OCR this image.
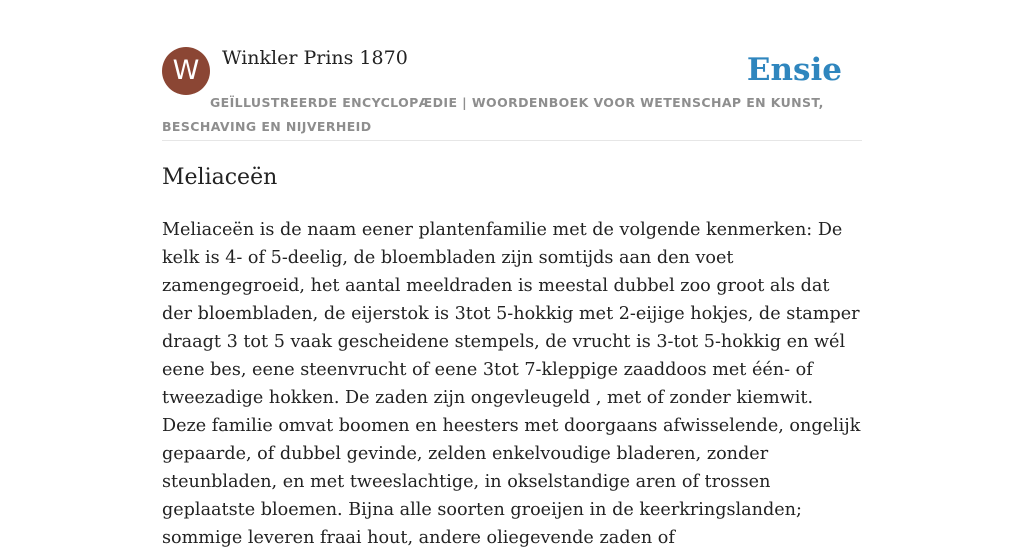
W	Winkler Prins 1870	Ensie
GEÏLLUSTREERDE ENCYCLOPÆDIE | WOORDENBOEK VOOR WETENSCHAP EN KUNST, BESCHAVING EN NIJVERHEID
Meliaceën

Meliaceën is de naam eener plantenfamilie met de volgende kenmerken: De kelk is 4- of 5-deelig, de bloembladen zijn somtijds aan den voet zamengegroeid, het aantal meeldraden is meestal dubbel zoo groot als dat der bloembladen, de eijerstok is 3tot 5-hokkig met 2-eijige hokjes, de stamper draagt 3 tot 5 vaak gescheidene stempels, de vrucht is 3-tot 5-hokkig en wél eene bes, eene steenvrucht of eene 3tot 7-kleppige zaaddoos met één- of tweezadige hokken. De zaden zijn ongevleugeld , met of zonder kiemwit. Deze familie omvat boomen en heesters met doorgaans afwisselende, ongelijk gepaarde, of dubbel gevinde, zelden enkelvoudige bladeren, zonder steunbladen, en met tweeslachtige, in okselstandige aren of trossen geplaatste bloemen. Bijna alle soorten groeijen in de keerkringslanden; sommige leveren fraai hout, andere oliegevende zaden of
